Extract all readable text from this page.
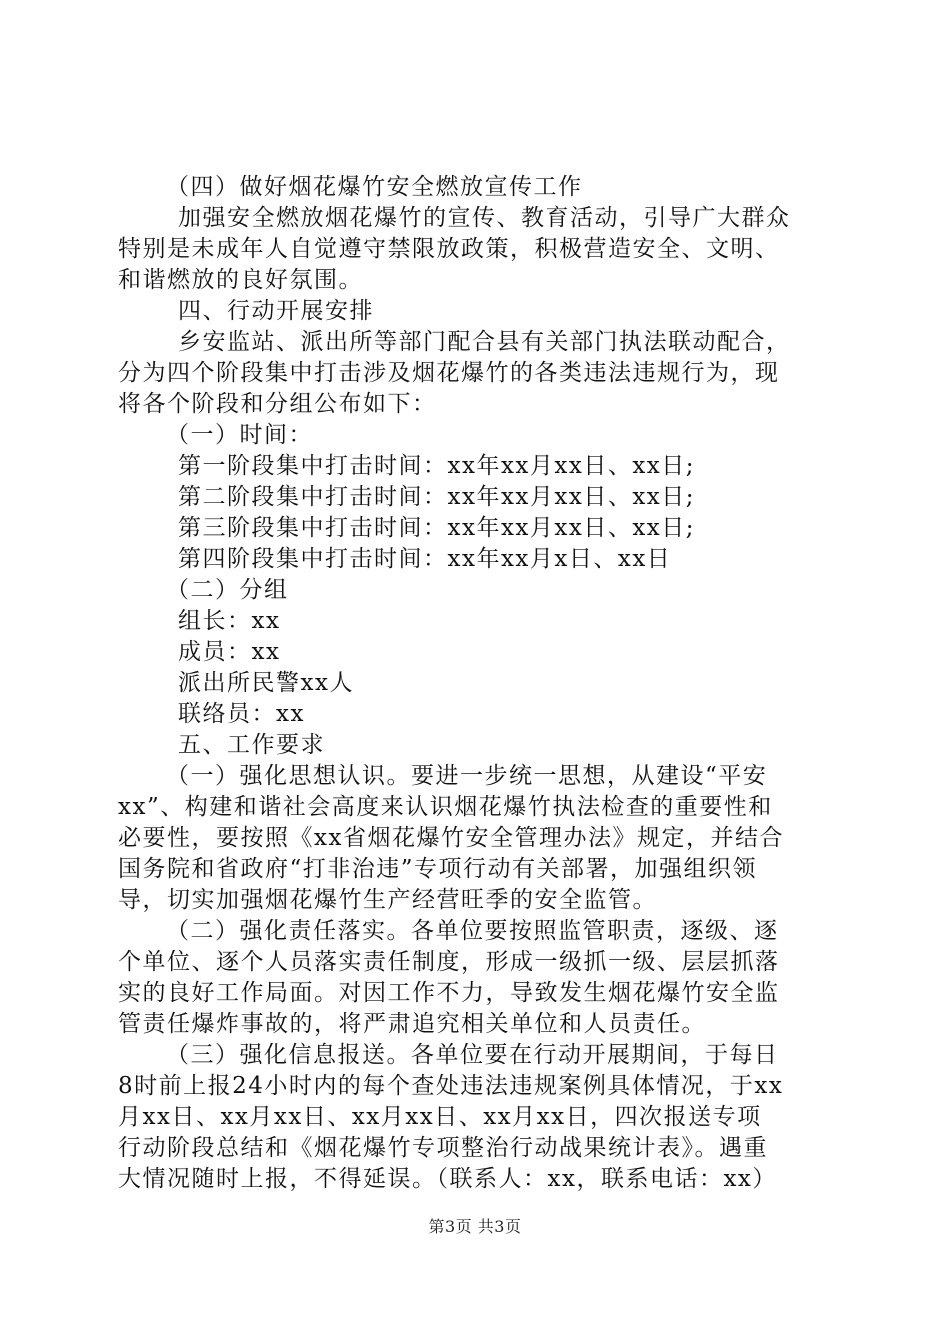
（四）做好烟花爆竹安全燃放宣传工作
加强安全燃放烟花爆竹的宣传、教育活动，引导广大群众
特别是未成年人自觉遵守禁限放政策，积极营造安全、文明、
和谐燃放的良好氛围。
四、行动开展安排
乡安监站、派出所等部门配合县有关部门执法联动配合，
分为四个阶段集中打击涉及烟花爆竹的各类违法违规行为，现
将各个阶段和分组公布如下：
（一）时间：
第一阶段集中打击时间：xx年xx月xx日、xx日;
第二阶段集中打击时间：xx年xx月xx日、xx日;
第三阶段集中打击时间：xx年xx月xx日、xx日;
第四阶段集中打击时间：xx年xx月x日、xx日
（二）分组
组长：xx
成员：xx
派出所民警xx人
联络员：xx
五、工作要求
（一）强化思想认识。要进一步统一思想，从建设“平安
xx”、构建和谐社会高度来认识烟花爆竹执法检查的重要性和
必要性，要按照《xx省烟花爆竹安全管理办法》规定，并结合
国务院和省政府“打非治违”专项行动有关部署，加强组织领
导，切实加强烟花爆竹生产经营旺季的安全监管。
（二）强化责任落实。各单位要按照监管职责，逐级、逐
个单位、逐个人员落实责任制度，形成一级抓一级、层层抓落
实的良好工作局面。对因工作不力，导致发生烟花爆竹安全监
管责任爆炸事故的，将严肃追究相关单位和人员责任。
（三）强化信息报送。各单位要在行动开展期间，于每日
8时前上报24小时内的每个查处违法违规案例具体情况，于xx
月xx日、xx月xx日、xx月xx日、xx月xx日，四次报送专项
行动阶段总结和《烟花爆竹专项整治行动战果统计表》。遇重
大情况随时上报，不得延误。（联系人：xx，联系电话：xx）
第3页 共3页
